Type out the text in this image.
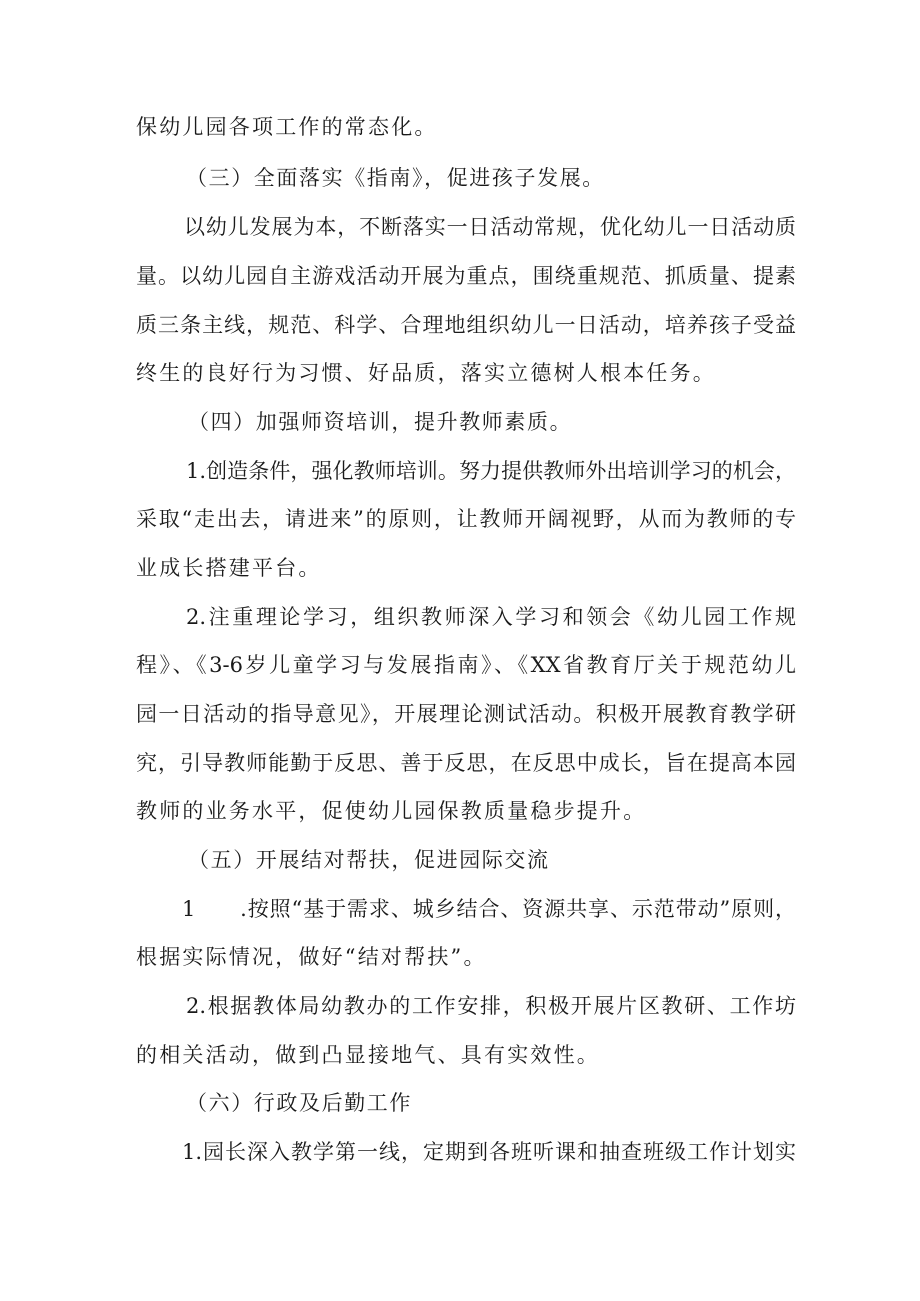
保幼儿园各项工作的常态化。
（三）全面落实《指南》，促进孩子发展。
以幼儿发展为本，不断落实一日活动常规，优化幼儿一日活动质
量。以幼儿园自主游戏活动开展为重点，围绕重规范、抓质量、提素
质三条主线，规范、科学、合理地组织幼儿一日活动，培养孩子受益
终生的良好行为习惯、好品质，落实立德树人根本任务。
（四）加强师资培训，提升教师素质。
1.创造条件，强化教师培训。努力提供教师外出培训学习的机会，
采取“走出去，请进来”的原则，让教师开阔视野，从而为教师的专
业成长搭建平台。
2.注重理论学习，组织教师深入学习和领会《幼儿园工作规
程》、《3-6岁儿童学习与发展指南》、《XX省教育厅关于规范幼儿
园一日活动的指导意见》，开展理论测试活动。积极开展教育教学研
究，引导教师能勤于反思、善于反思，在反思中成长，旨在提高本园
教师的业务水平，促使幼儿园保教质量稳步提升。
（五）开展结对帮扶，促进园际交流
1　　.按照“基于需求、城乡结合、资源共享、示范带动”原则，
根据实际情况，做好“结对帮扶”。
2.根据教体局幼教办的工作安排，积极开展片区教研、工作坊
的相关活动，做到凸显接地气、具有实效性。
（六）行政及后勤工作
1.园长深入教学第一线，定期到各班听课和抽查班级工作计划实
